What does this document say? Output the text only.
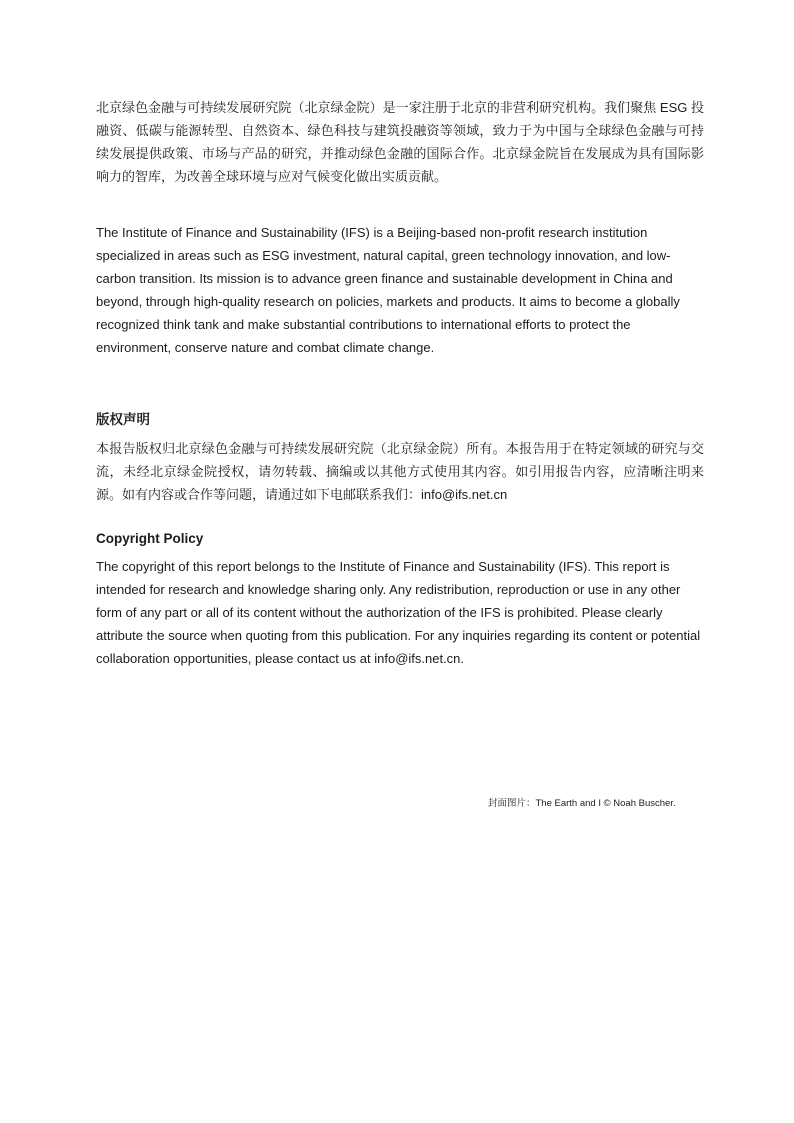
北京绿色金融与可持续发展研究院（北京绿金院）是一家注册于北京的非营利研究机构。我们聚焦 ESG 投融资、低碳与能源转型、自然资本、绿色科技与建筑投融资等领域，致力于为中国与全球绿色金融与可持续发展提供政策、市场与产品的研究，并推动绿色金融的国际合作。北京绿金院旨在发展成为具有国际影响力的智库，为改善全球环境与应对气候变化做出实质贡献。

The Institute of Finance and Sustainability (IFS) is a Beijing-based non-profit research institution specialized in areas such as ESG investment, natural capital, green technology innovation, and low-carbon transition. Its mission is to advance green finance and sustainable development in China and beyond, through high-quality research on policies, markets and products. It aims to become a globally recognized think tank and make substantial contributions to international efforts to protect the environment, conserve nature and combat climate change.

版权声明

本报告版权归北京绿色金融与可持续发展研究院（北京绿金院）所有。本报告用于在特定领域的研究与交流，未经北京绿金院授权，请勿转载、摘编或以其他方式使用其内容。如引用报告内容，应清晰注明来源。如有内容或合作等问题，请通过如下电邮联系我们：info@ifs.net.cn

Copyright Policy

The copyright of this report belongs to the Institute of Finance and Sustainability (IFS). This report is intended for research and knowledge sharing only. Any redistribution, reproduction or use in any other form of any part or all of its content without the authorization of the IFS is prohibited. Please clearly attribute the source when quoting from this publication. For any inquiries regarding its content or potential collaboration opportunities, please contact us at info@ifs.net.cn.

封面图片：The Earth and I © Noah Buscher.
